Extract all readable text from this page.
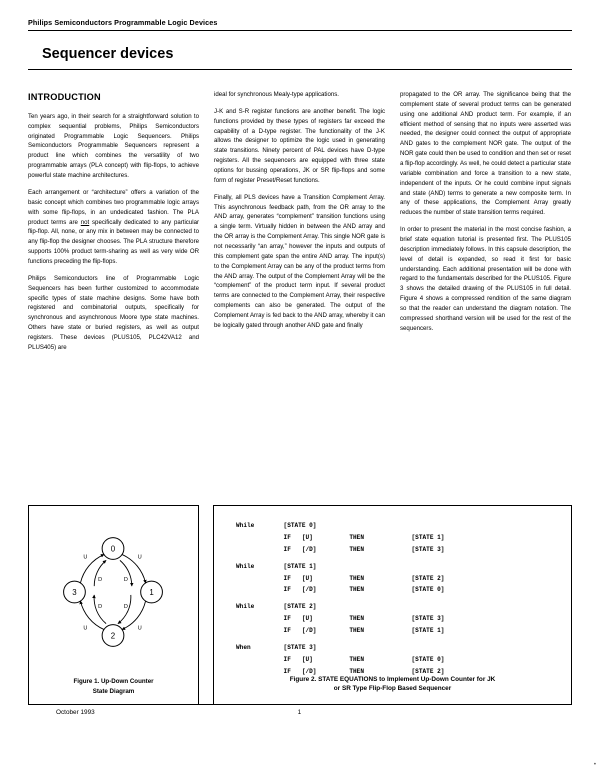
Philips Semiconductors Programmable Logic Devices
Sequencer devices
INTRODUCTION

Ten years ago, in their search for a straightforward solution to complex sequential problems, Philips Semiconductors originated Programmable Logic Sequencers. Philips Semiconductors Programmable Sequencers represent a product line which combines the versatility of two programmable arrays (PLA concept) with flip-flops, to achieve powerful state machine architectures.

Each arrangement or “architecture” offers a variation of the basic concept which combines two programmable logic arrays with some flip-flops, in an undedicated fashion. The PLA product terms are not specifically dedicated to any particular flip-flop. All, none, or any mix in between may be connected to any flip-flop the designer chooses. The PLA structure therefore supports 100% product term-sharing as well as very wide OR functions preceding the flip-flops.

Philips Semiconductors line of Programmable Logic Sequencers has been further customized to accommodate specific types of state machine designs. Some have both registered and combinatorial outputs, specifically for synchronous and asynchronous Moore type state machines. Others have state or buried registers, as well as output registers. These devices (PLUS105, PLC42VA12 and PLUS405) are

ideal for synchronous Mealy-type applications.

J-K and S-R register functions are another benefit. The logic functions provided by these types of registers far exceed the capability of a D-type register. The functionality of the J-K allows the designer to optimize the logic used in generating state transitions. Ninety percent of PAL devices have D-type registers. All the sequencers are equipped with three state options for bussing operations, JK or SR flip-flops and some form of register Preset/Reset functions.

Finally, all PLS devices have a Transition Complement Array. This asynchronous feedback path, from the OR array to the AND array, generates “complement” transition functions using a single term. Virtually hidden in between the AND array and the OR array is the Complement Array. This single NOR gate is not necessarily “an array,” however the inputs and outputs of this complement gate span the entire AND array. The input(s) to the Complement Array can be any of the product terms from the AND array. The output of the Complement Array will be the “complement” of the product term input. If several product terms are connected to the Complement Array, their respective complements can also be generated. The output of the Complement Array is fed back to the AND array, whereby it can be logically gated through another AND gate and finally

propagated to the OR array. The significance being that the complement state of several product terms can be generated using one additional AND product term. For example, if an efficient method of sensing that no inputs were asserted was needed, the designer could connect the output of appropriate AND gates to the complement NOR gate. The output of the NOR gate could then be used to condition and then set or reset a flip-flop accordingly. As well, he could detect a particular state variable combination and force a transition to a new state, independent of the inputs. Or he could combine input signals and state (AND) terms to generate a new composite term. In any of these applications, the Complement Array greatly reduces the number of state transition terms required.

In order to present the material in the most concise fashion, a brief state equation tutorial is presented first. The PLUS105 description immediately follows. In this capsule description, the level of detail is expanded, so read it first for basic understanding. Each additional presentation will be done with regard to the fundamentals described for the PLUS105. Figure 3 shows the detailed drawing of the PLUS105 in full detail. Figure 4 shows a compressed rendition of the same diagram so that the reader can understand the diagram notation. The compressed shorthand version will be used for the rest of the sequencers.

0
1
2
3
U
U
U
U
D
D
D
D
Figure 1. Up-Down Counter
State Diagram
While        [STATE 0]
IF   [U]          THEN             [STATE 1]
IF   [/D]         THEN             [STATE 3]
While        [STATE 1]
IF   [U]          THEN             [STATE 2]
IF   [/D]         THEN             [STATE 0]
While        [STATE 2]
IF   [U]          THEN             [STATE 3]
IF   [/D]         THEN             [STATE 1]
When         [STATE 3]
IF   [U]          THEN             [STATE 0]
IF   [/D]         THEN             [STATE 2]
Figure 2. STATE EQUATIONS to Implement Up-Down Counter for JK
or SR Type Flip-Flop Based Sequencer
October 1993	1
•
